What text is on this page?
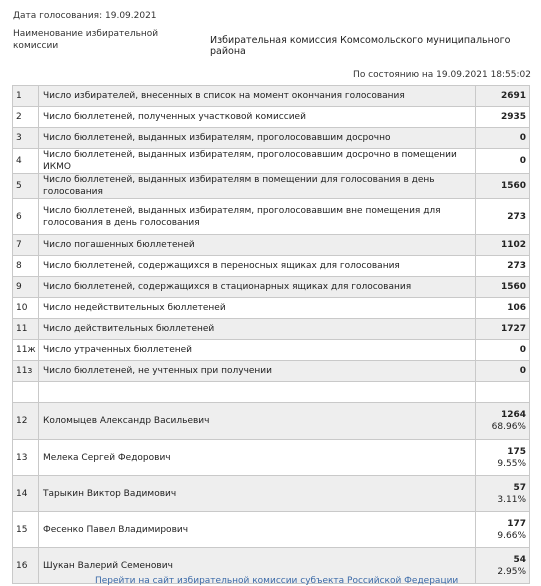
Дата голосования: 19.09.2021
Наименование избирательной комиссии	Избирательная комиссия Комсомольского муниципального района
По состоянию на 19.09.2021 18:55:02
1	Число избирателей, внесенных в список на момент окончания голосования	2691
2	Число бюллетеней, полученных участковой комиссией	2935
3	Число бюллетеней, выданных избирателям, проголосовавшим досрочно	0
4	Число бюллетеней, выданных избирателям, проголосовавшим досрочно в помещении ИКМО	0
5	Число бюллетеней, выданных избирателям в помещении для голосования в день голосования	1560
6	Число бюллетеней, выданных избирателям, проголосовавшим вне помещения для голосования в день голосования	273
7	Число погашенных бюллетеней	1102
8	Число бюллетеней, содержащихся в переносных ящиках для голосования	273
9	Число бюллетеней, содержащихся в стационарных ящиках для голосования	1560
10	Число недействительных бюллетеней	106
11	Число действительных бюллетеней	1727
11ж	Число утраченных бюллетеней	0
11з	Число бюллетеней, не учтенных при получении	0

12	Коломыцев Александр Васильевич	1264
68.96%

13	Мелека Сергей Федорович	175
9.55%

14	Тарыкин Виктор Вадимович	57
3.11%

15	Фесенко Павел Владимирович	177
9.66%

16	Шукан Валерий Семенович	54
2.95%
Перейти на сайт избирательной комиссии субъекта Российской Федерации
